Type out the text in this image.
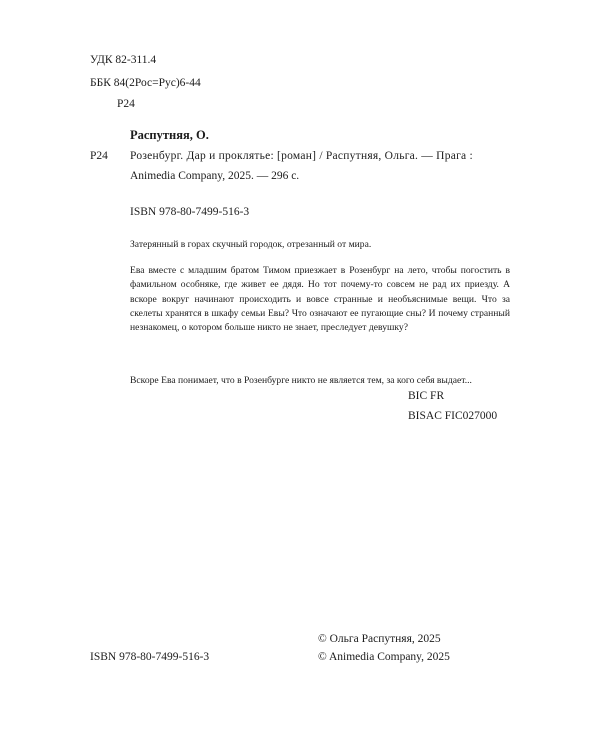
УДК 82-311.4
ББК 84(2Рос=Рус)6-44
Р24
Распутняя, О.
Р24 Розенбург. Дар и проклятье: [роман] / Распутняя, Ольга. — Прага :
Animedia Company, 2025. — 296 с.
ISBN 978-80-7499-516-3

Затерянный в горах скучный городок, отрезанный от мира.

Ева вместе с младшим братом Тимом приезжает в Розенбург на лето, чтобы погостить в фамильном особняке, где живет ее дядя. Но тот почему-то совсем не рад их приезду. А вскоре вокруг начинают происходить и вовсе странные и необъяснимые вещи. Что за скелеты хранятся в шкафу семьи Евы? Что означают ее пугающие сны? И почему странный незнакомец, о котором больше никто не знает, преследует девушку?

Вскоре Ева понимает, что в Розенбурге никто не является тем, за кого себя выдает...

BIC FR
BISAC FIC027000
© Ольга Распутняя, 2025
© Animedia Company, 2025
ISBN 978-80-7499-516-3
